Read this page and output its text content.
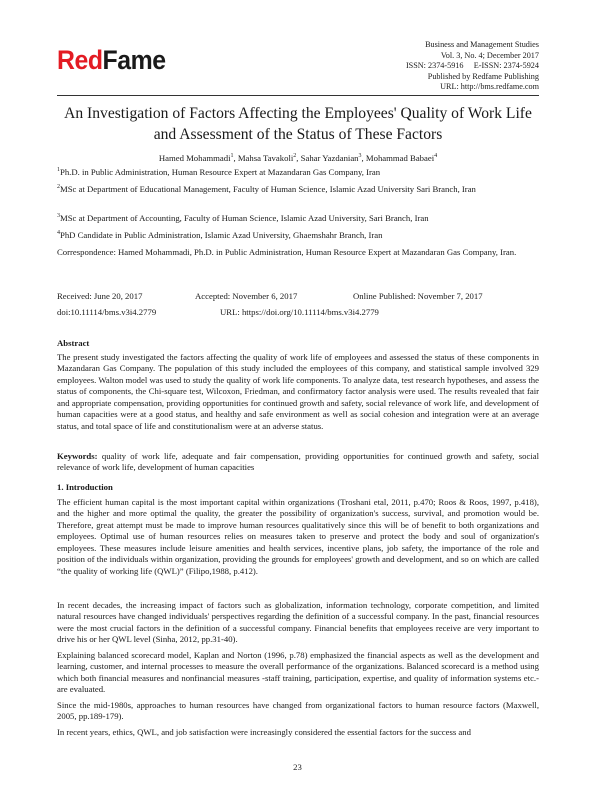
RedFame
Business and Management Studies
Vol. 3, No. 4; December 2017
ISSN: 2374-5916     E-ISSN: 2374-5924
Published by Redfame Publishing
URL: http://bms.redfame.com
An Investigation of Factors Affecting the Employees' Quality of Work Life and Assessment of the Status of These Factors
Hamed Mohammadi$^1$, Mahsa Tavakoli$^2$, Sahar Yazdanian$^3$, Mohammad Babaei$^4$
$^1$Ph.D. in Public Administration, Human Resource Expert at Mazandaran Gas Company, Iran
$^2$MSc at Department of Educational Management, Faculty of Human Science, Islamic Azad University Sari Branch, Iran
$^3$MSc at Department of Accounting, Faculty of Human Science, Islamic Azad University, Sari Branch, Iran
$^4$PhD Candidate in Public Administration, Islamic Azad University, Ghaemshahr Branch, Iran
Correspondence: Hamed Mohammadi, Ph.D. in Public Administration, Human Resource Expert at Mazandaran Gas Company, Iran.
Received: June 20, 2017	Accepted: November 6, 2017	Online Published: November 7, 2017
doi:10.11114/bms.v3i4.2779	URL: https://doi.org/10.11114/bms.v3i4.2779
Abstract
The present study investigated the factors affecting the quality of work life of employees and assessed the status of these components in Mazandaran Gas Company. The population of this study included the employees of this company, and statistical sample involved 329 employees. Walton model was used to study the quality of work life components. To analyze data, test research hypotheses, and assess the status of components, the Chi-square test, Wilcoxon, Friedman, and confirmatory factor analysis were used. The results revealed that fair and appropriate compensation, providing opportunities for continued growth and safety, social relevance of work life, and development of human capacities were at a good status, and healthy and safe environment as well as social cohesion and integration were at an average status, and total space of life and constitutionalism were at an adverse status.
Keywords: quality of work life, adequate and fair compensation, providing opportunities for continued growth and safety, social relevance of work life, development of human capacities
1. Introduction
The efficient human capital is the most important capital within organizations (Troshani etal, 2011, p.470; Roos & Roos, 1997, p.418), and the higher and more optimal the quality, the greater the possibility of organization's success, survival, and promotion would be. Therefore, great attempt must be made to improve human resources qualitatively since this will be of benefit to both organizations and employees. Optimal use of human resources relies on measures taken to preserve and protect the body and soul of organization's employees. These measures include leisure amenities and health services, incentive plans, job safety, the importance of the role and position of the individuals within organization, providing the grounds for employees' growth and development, and so on which are called “the quality of working life (QWL)” (Filipo,1988, p.412).
In recent decades, the increasing impact of factors such as globalization, information technology, corporate competition, and limited natural resources have changed individuals' perspectives regarding the definition of a successful company. In the past, financial resources were the most crucial factors in the definition of a successful company. Financial benefits that employees receive are very important to drive his or her QWL level (Sinha, 2012, pp.31-40).
Explaining balanced scorecard model, Kaplan and Norton (1996, p.78) emphasized the financial aspects as well as the development and learning, customer, and internal processes to measure the overall performance of the organizations. Balanced scorecard is a method using which both financial measures and nonfinancial measures -staff training, participation, expertise, and quality of information systems etc.- are evaluated.
Since the mid-1980s, approaches to human resources have changed from organizational factors to human resource factors (Maxwell, 2005, pp.189-179).
In recent years, ethics, QWL, and job satisfaction were increasingly considered the essential factors for the success and
23
